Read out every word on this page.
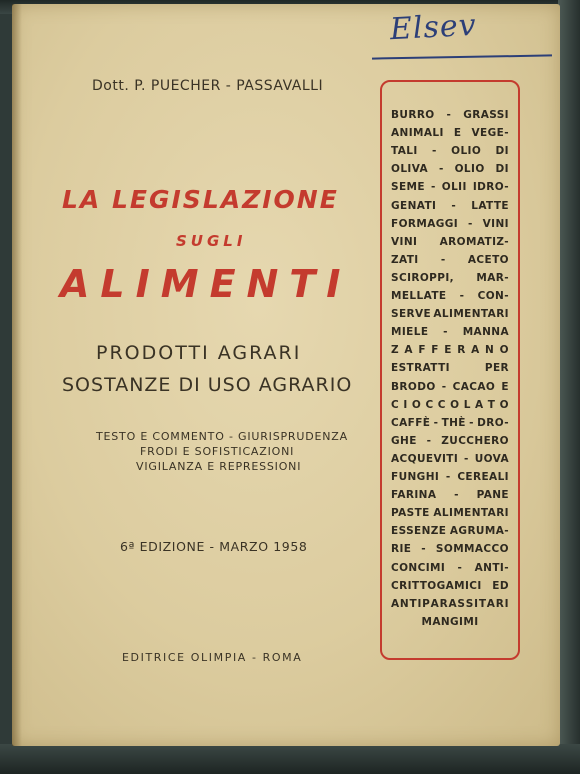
Elsev
Dott. P. PUECHER - PASSAVALLI
LA LEGISLAZIONE
SUGLI
ALIMENTI
PRODOTTI AGRARI
SOSTANZE DI USO AGRARIO
TESTO E COMMENTO - GIURISPRUDENZA
FRODI E SOFISTICAZIONI
VIGILANZA E REPRESSIONI
6ª EDIZIONE - MARZO 1958
EDITRICE OLIMPIA - ROMA
BURRO - GRASSI
ANIMALI E VEGE-
TALI - OLIO DI
OLIVA - OLIO DI
SEME - OLII IDRO-
GENATI - LATTE
FORMAGGI - VINI
VINI AROMATIZ-
ZATI - ACETO
SCIROPPI, MAR-
MELLATE - CON-
SERVE ALIMENTARI
MIELE - MANNA
Z A F F E R A N O
ESTRATTI	PER
BRODO - CACAO E
C I O C C O L A T O
CAFFÈ - THÈ - DRO-
GHE - ZUCCHERO
ACQUEVITI - UOVA
FUNGHI - CEREALI
FARINA - PANE
PASTE ALIMENTARI
ESSENZE AGRUMA-
RIE - SOMMACCO
CONCIMI - ANTI-
CRITTOGAMICI ED
A N T I P A R A S S I T A R I
MANGIMI
